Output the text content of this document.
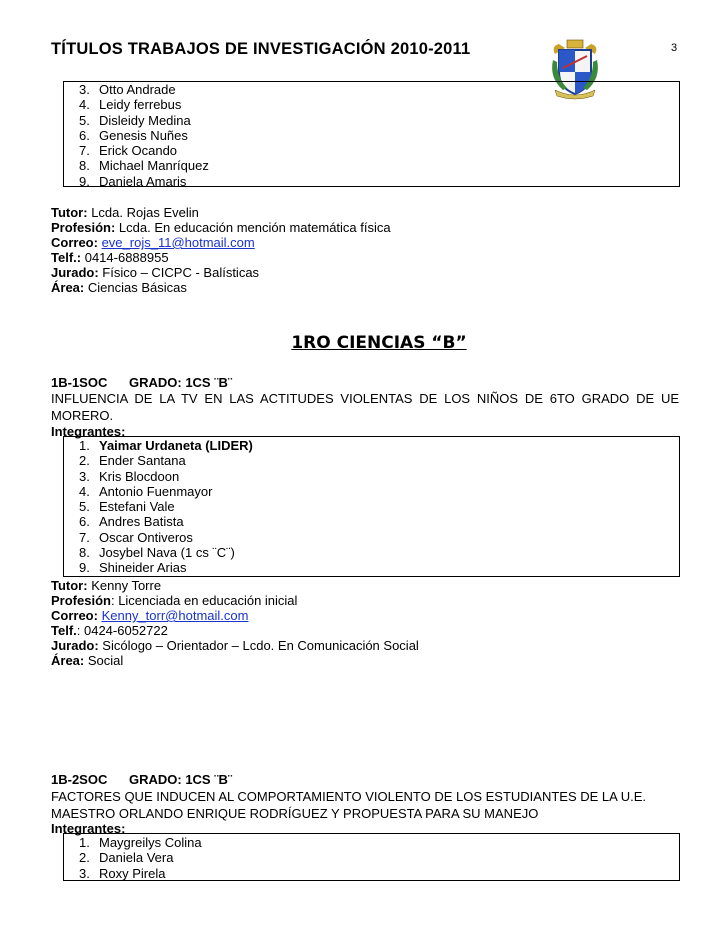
TÍTULOS TRABAJOS DE INVESTIGACIÓN 2010-2011	3
3. Otto Andrade
4. Leidy ferrebus
5. Disleidy Medina
6. Genesis Nuñes
7. Erick Ocando
8. Michael Manríquez
9. Daniela Amaris
Tutor: Lcda. Rojas Evelin
Profesión: Lcda. En educación mención matemática física
Correo: eve_rojs_11@hotmail.com
Telf.: 0414-6888955
Jurado: Físico – CICPC - Balísticas
Área: Ciencias Básicas
1RO CIENCIAS “B”
1B-1SOC GRADO: 1CS ¨B¨
INFLUENCIA DE LA TV EN LAS ACTITUDES VIOLENTAS DE LOS NIÑOS DE 6TO GRADO DE UE MORERO.
Integrantes:
1. Yaimar Urdaneta (LIDER)
2. Ender Santana
3. Kris Blocdoon
4. Antonio Fuenmayor
5. Estefani Vale
6. Andres Batista
7. Oscar Ontiveros
8. Josybel Nava (1 cs ¨C¨)
9. Shineider Arias
Tutor: Kenny Torre
Profesión: Licenciada en educación inicial
Correo: Kenny_torr@hotmail.com
Telf.: 0424-6052722
Jurado: Sicólogo – Orientador – Lcdo. En Comunicación Social
Área: Social
1B-2SOC GRADO: 1CS ¨B¨
FACTORES QUE INDUCEN AL COMPORTAMIENTO VIOLENTO DE LOS ESTUDIANTES DE LA U.E. MAESTRO ORLANDO ENRIQUE RODRÍGUEZ Y PROPUESTA PARA SU MANEJO
Integrantes:
1. Maygreilys Colina
2. Daniela Vera
3. Roxy Pirela
